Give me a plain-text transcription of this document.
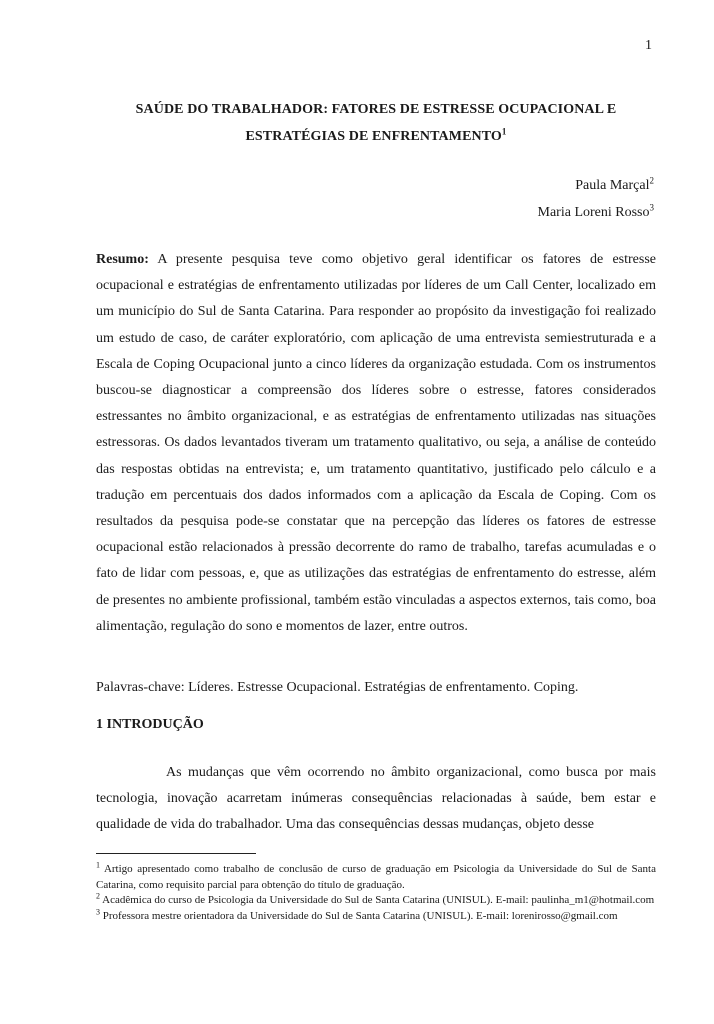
1
SAÚDE DO TRABALHADOR: FATORES DE ESTRESSE OCUPACIONAL E
ESTRATÉGIAS DE ENFRENTAMENTO$^1$
Paula Marçal$^2$
Maria Loreni Rosso$^3$
Resumo: A presente pesquisa teve como objetivo geral identificar os fatores de estresse ocupacional e estratégias de enfrentamento utilizadas por líderes de um Call Center, localizado em um município do Sul de Santa Catarina. Para responder ao propósito da investigação foi realizado um estudo de caso, de caráter exploratório, com aplicação de uma entrevista semiestruturada e a Escala de Coping Ocupacional junto a cinco líderes da organização estudada. Com os instrumentos buscou-se diagnosticar a compreensão dos líderes sobre o estresse, fatores considerados estressantes no âmbito organizacional, e as estratégias de enfrentamento utilizadas nas situações estressoras. Os dados levantados tiveram um tratamento qualitativo, ou seja, a análise de conteúdo das respostas obtidas na entrevista; e, um tratamento quantitativo, justificado pelo cálculo e a tradução em percentuais dos dados informados com a aplicação da Escala de Coping. Com os resultados da pesquisa pode-se constatar que na percepção das líderes os fatores de estresse ocupacional estão relacionados à pressão decorrente do ramo de trabalho, tarefas acumuladas e o fato de lidar com pessoas, e, que as utilizações das estratégias de enfrentamento do estresse, além de presentes no ambiente profissional, também estão vinculadas a aspectos externos, tais como, boa alimentação, regulação do sono e momentos de lazer, entre outros.
Palavras-chave: Líderes. Estresse Ocupacional. Estratégias de enfrentamento. Coping.
1 INTRODUÇÃO
As mudanças que vêm ocorrendo no âmbito organizacional, como busca por mais tecnologia, inovação acarretam inúmeras consequências relacionadas à saúde, bem estar e qualidade de vida do trabalhador. Uma das consequências dessas mudanças, objeto desse
$^1$ Artigo apresentado como trabalho de conclusão de curso de graduação em Psicologia da Universidade do Sul de Santa Catarina, como requisito parcial para obtenção do título de graduação.
$^2$ Acadêmica do curso de Psicologia da Universidade do Sul de Santa Catarina (UNISUL). E-mail: paulinha_m1@hotmail.com
$^3$ Professora mestre orientadora da Universidade do Sul de Santa Catarina (UNISUL). E-mail: lorenirosso@gmail.com
